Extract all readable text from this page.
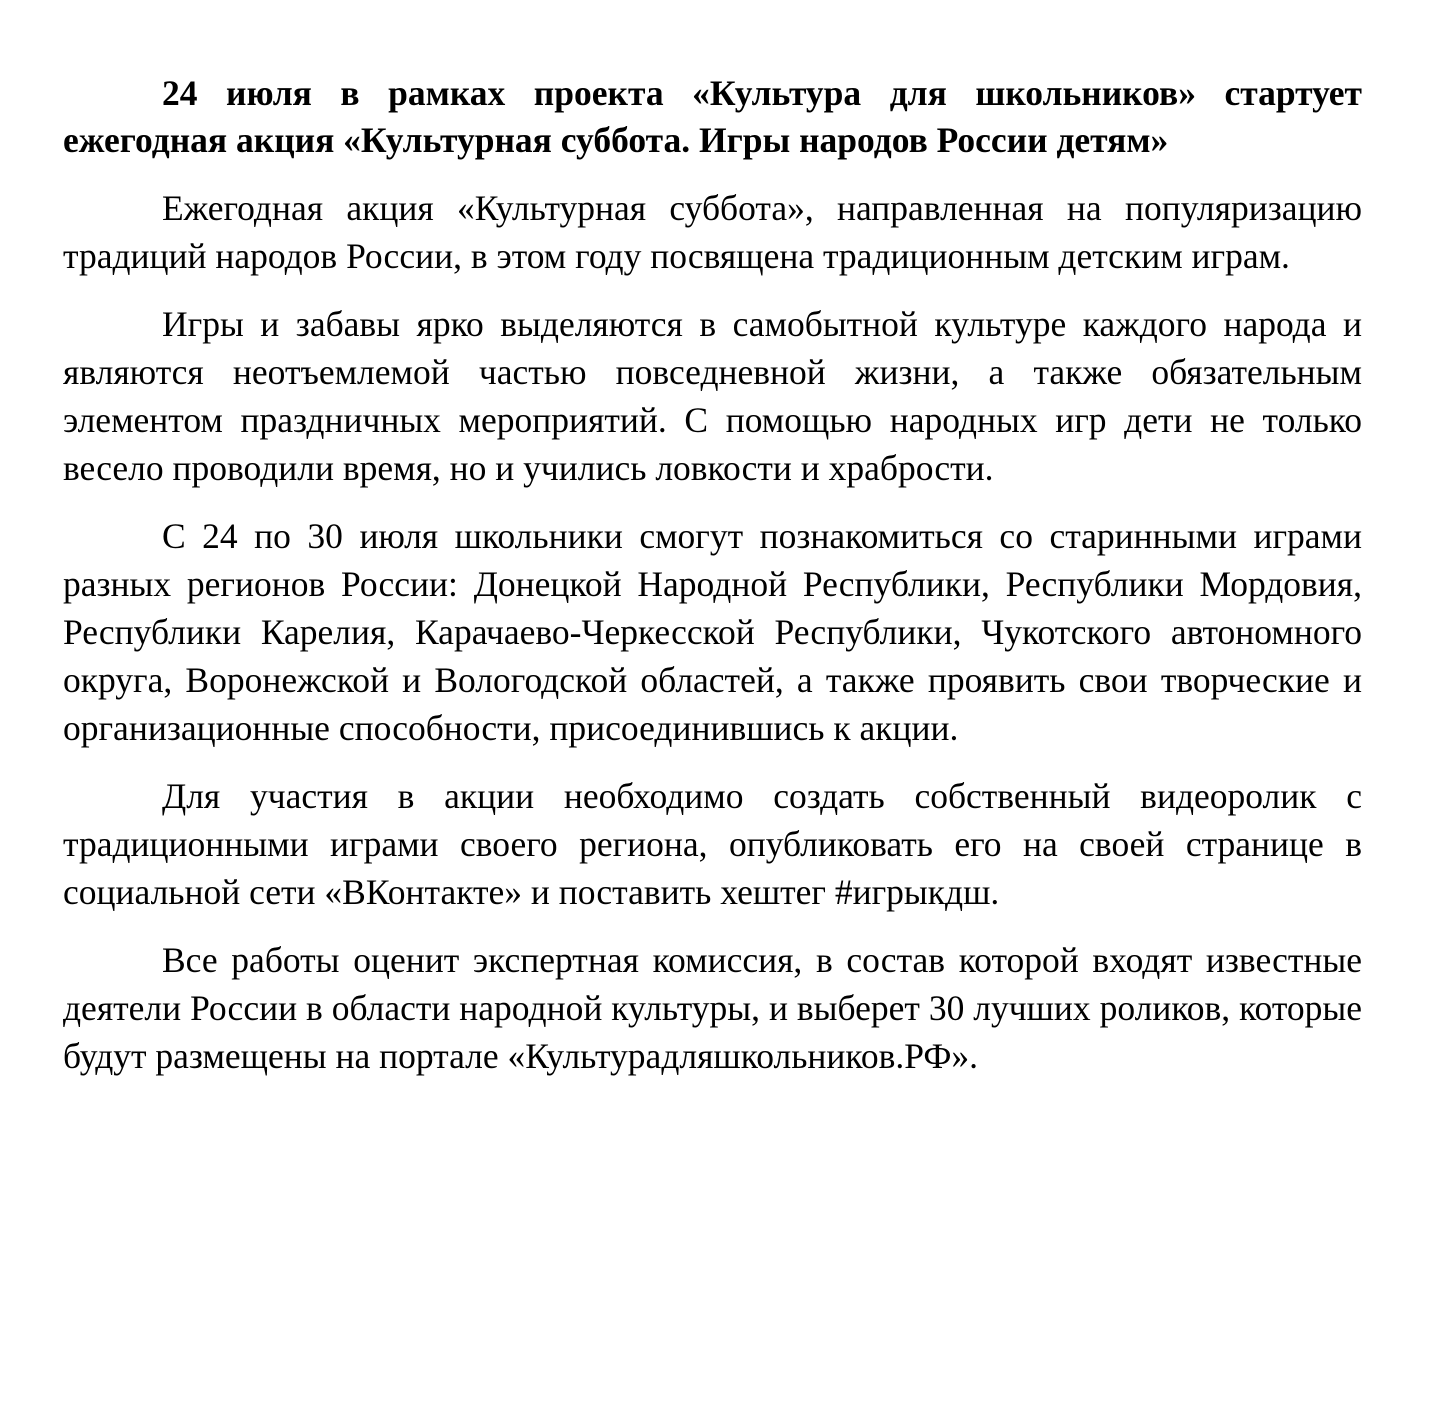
24 июля в рамках проекта «Культура для школьников» стартует ежегодная акция «Культурная суббота. Игры народов России детям»

Ежегодная акция «Культурная суббота», направленная на популяризацию традиций народов России, в этом году посвящена традиционным детским играм.

Игры и забавы ярко выделяются в самобытной культуре каждого народа и являются неотъемлемой частью повседневной жизни, а также обязательным элементом праздничных мероприятий. С помощью народных игр дети не только весело проводили время, но и учились ловкости и храбрости.

С 24 по 30 июля школьники смогут познакомиться со старинными играми разных регионов России: Донецкой Народной Республики, Республики Мордовия, Республики Карелия, Карачаево-Черкесской Республики, Чукотского автономного округа, Воронежской и Вологодской областей, а также проявить свои творческие и организационные способности, присоединившись к акции.

Для участия в акции необходимо создать собственный видеоролик с традиционными играми своего региона, опубликовать его на своей странице в социальной сети «ВКонтакте» и поставить хештег #игрыкдш.

Все работы оценит экспертная комиссия, в состав которой входят известные деятели России в области народной культуры, и выберет 30 лучших роликов, которые будут размещены на портале «Культурадляшкольников.РФ».
